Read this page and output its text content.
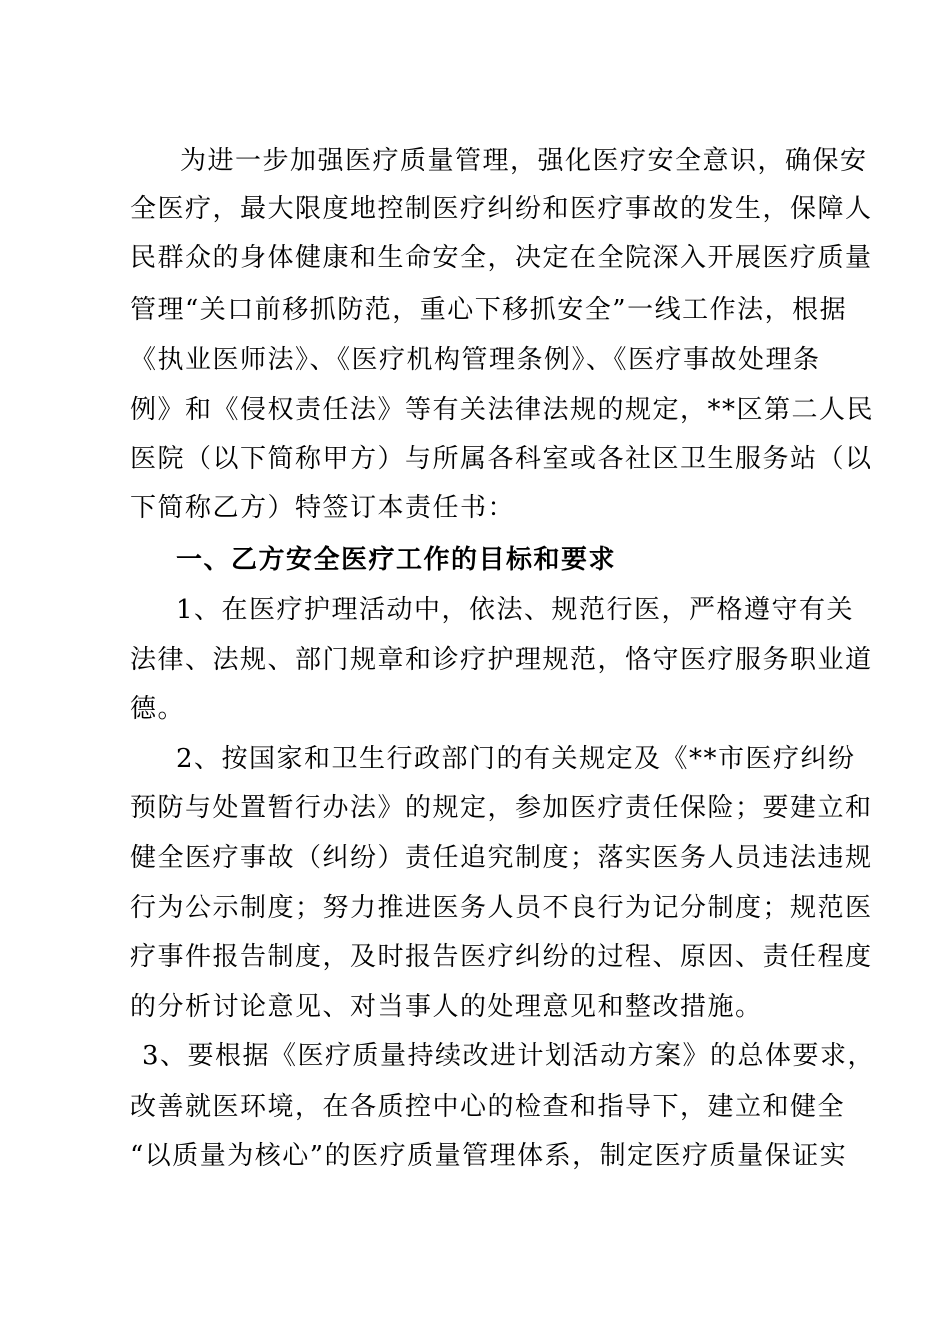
为进一步加强医疗质量管理，强化医疗安全意识，确保安

全医疗，最大限度地控制医疗纠纷和医疗事故的发生，保障人

民群众的身体健康和生命安全，决定在全院深入开展医疗质量

管理“关口前移抓防范，重心下移抓安全”一线工作法，根据

《执业医师法》、《医疗机构管理条例》、《医疗事故处理条

例》和《侵权责任法》等有关法律法规的规定，**区第二人民

医院（以下简称甲方）与所属各科室或各社区卫生服务站（以

下简称乙方）特签订本责任书：

一、乙方安全医疗工作的目标和要求

1、在医疗护理活动中，依法、规范行医，严格遵守有关

法律、法规、部门规章和诊疗护理规范，恪守医疗服务职业道

德。

2、按国家和卫生行政部门的有关规定及《**市医疗纠纷

预防与处置暂行办法》的规定，参加医疗责任保险；要建立和

健全医疗事故（纠纷）责任追究制度；落实医务人员违法违规

行为公示制度；努力推进医务人员不良行为记分制度；规范医

疗事件报告制度，及时报告医疗纠纷的过程、原因、责任程度

的分析讨论意见、对当事人的处理意见和整改措施。

3、要根据《医疗质量持续改进计划活动方案》的总体要求，

改善就医环境，在各质控中心的检查和指导下，建立和健全

“以质量为核心”的医疗质量管理体系，制定医疗质量保证实
